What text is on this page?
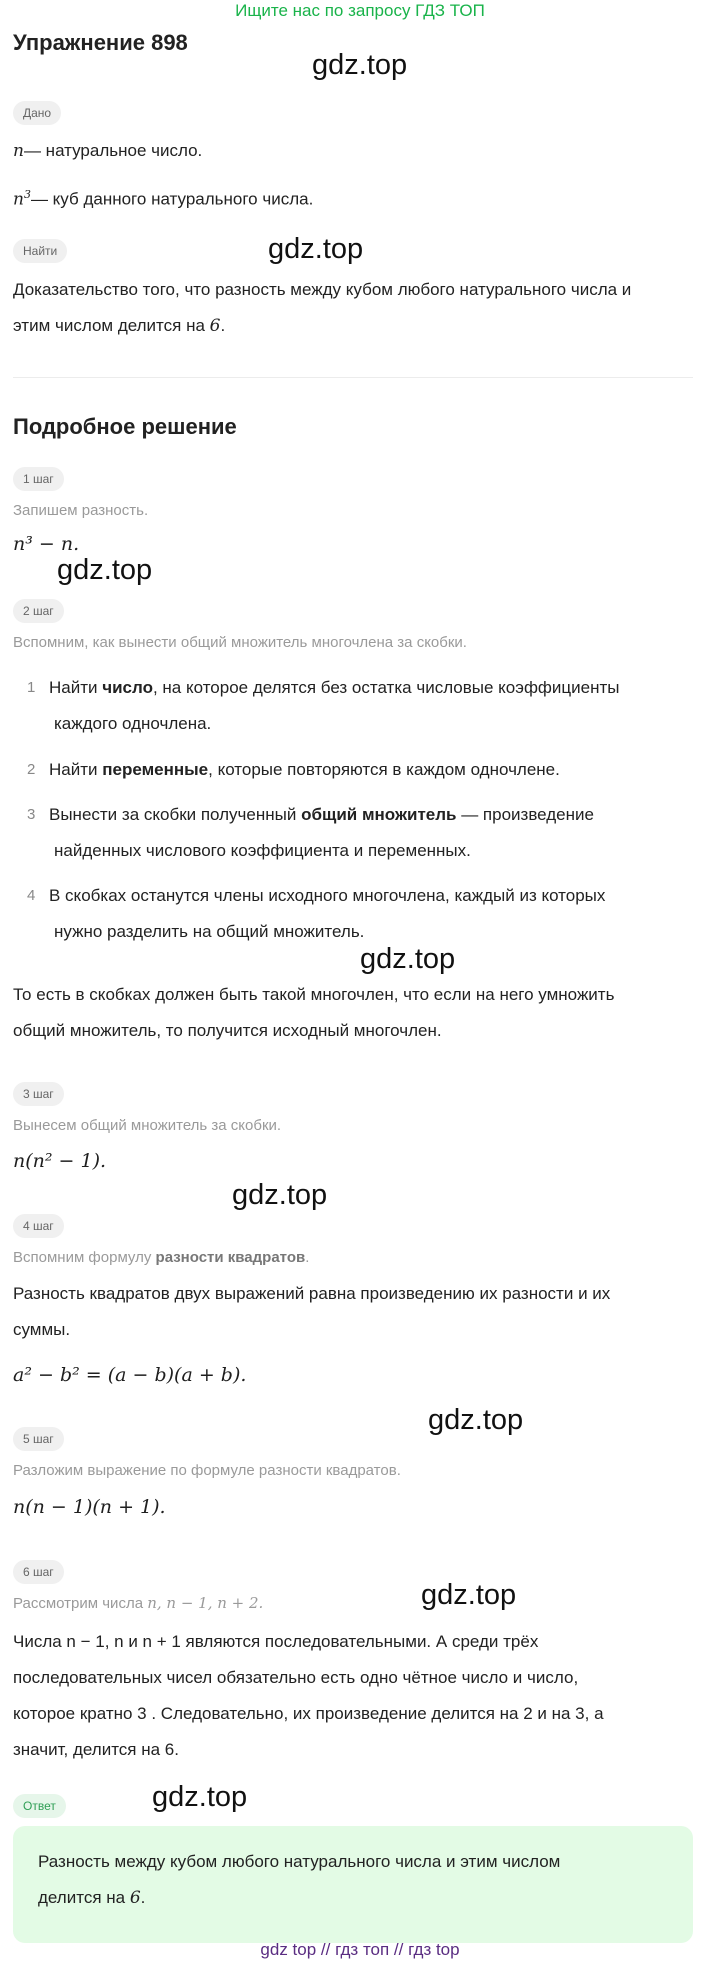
Ищите нас по запросу ГДЗ ТОП
Упражнение 898
gdz.top
Дано
n— натуральное число.
$n^3—$ куб данного натурального числа.
Найти	gdz.top
Доказательство того, что разность между кубом любого натурального числа и
этим числом делится на 6.
Подробное решение
1 шаг
Запишем разность.
n³ − n.
gdz.top
2 шаг
Вспомним, как вынести общий множитель многочлена за скобки.
1 Найти число, на которое делятся без остатка числовые коэффициенты
каждого одночлена.
2 Найти переменные, которые повторяются в каждом одночлене.
3 Вынести за скобки полученный общий множитель — произведение
найденных числового коэффициента и переменных.
4 В скобках останутся члены исходного многочлена, каждый из которых
нужно разделить на общий множитель.
gdz.top
То есть в скобках должен быть такой многочлен, что если на него умножить
общий множитель, то получится исходный многочлен.
3 шаг
Вынесем общий множитель за скобки.
n(n² − 1).
gdz.top
4 шаг
Вспомним формулу разности квадратов.
Разность квадратов двух выражений равна произведению их разности и их
суммы.
a² − b² = (a − b)(a + b).
gdz.top
5 шаг
Разложим выражение по формуле разности квадратов.
n(n − 1)(n + 1).
6 шаг
gdz.top
Рассмотрим числа n, n − 1, n + 2.
Числа n − 1, n и n + 1 являются последовательными. А среди трёх
последовательных чисел обязательно есть одно чётное число и число,
которое кратно 3 . Следовательно, их произведение делится на 2 и на 3, а
значит, делится на 6.
Ответ	gdz.top
Разность между кубом любого натурального числа и этим числом
делится на 6.
gdz top // гдз топ // гдз top
